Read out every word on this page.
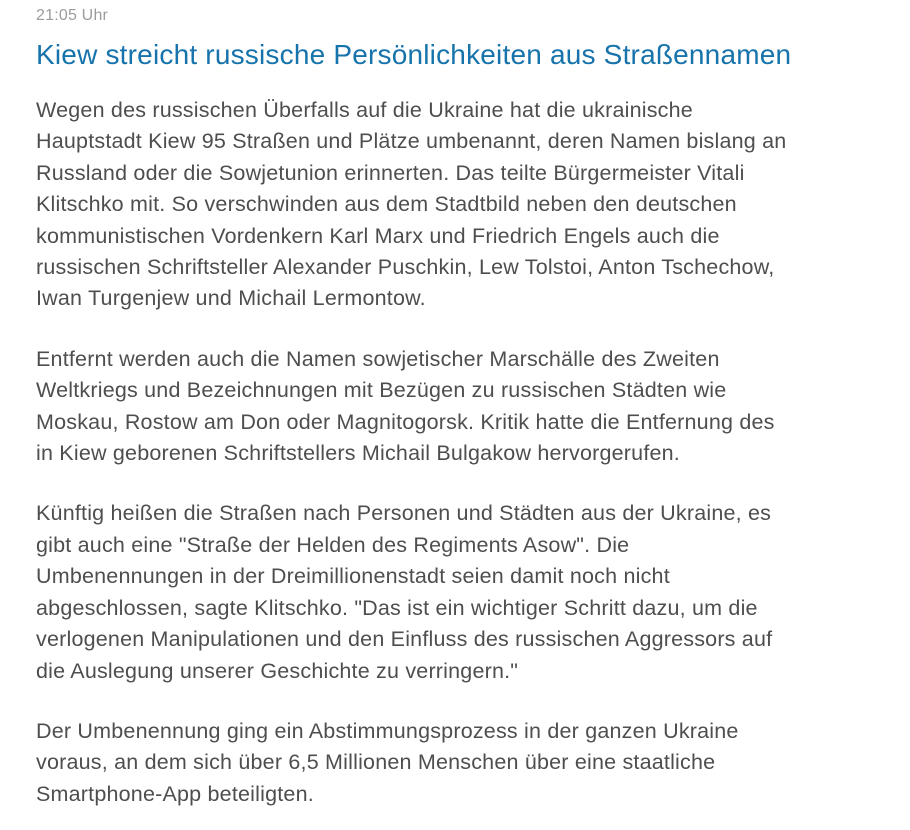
21:05 Uhr
Kiew streicht russische Persönlichkeiten aus Straßennamen

Wegen des russischen Überfalls auf die Ukraine hat die ukrainische
Hauptstadt Kiew 95 Straßen und Plätze umbenannt, deren Namen bislang an
Russland oder die Sowjetunion erinnerten. Das teilte Bürgermeister Vitali
Klitschko mit. So verschwinden aus dem Stadtbild neben den deutschen
kommunistischen Vordenkern Karl Marx und Friedrich Engels auch die
russischen Schriftsteller Alexander Puschkin, Lew Tolstoi, Anton Tschechow,
Iwan Turgenjew und Michail Lermontow.

Entfernt werden auch die Namen sowjetischer Marschälle des Zweiten
Weltkriegs und Bezeichnungen mit Bezügen zu russischen Städten wie
Moskau, Rostow am Don oder Magnitogorsk. Kritik hatte die Entfernung des
in Kiew geborenen Schriftstellers Michail Bulgakow hervorgerufen.

Künftig heißen die Straßen nach Personen und Städten aus der Ukraine, es
gibt auch eine "Straße der Helden des Regiments Asow". Die
Umbenennungen in der Dreimillionenstadt seien damit noch nicht
abgeschlossen, sagte Klitschko. "Das ist ein wichtiger Schritt dazu, um die
verlogenen Manipulationen und den Einfluss des russischen Aggressors auf
die Auslegung unserer Geschichte zu verringern."

Der Umbenennung ging ein Abstimmungsprozess in der ganzen Ukraine
voraus, an dem sich über 6,5 Millionen Menschen über eine staatliche
Smartphone-App beteiligten.
